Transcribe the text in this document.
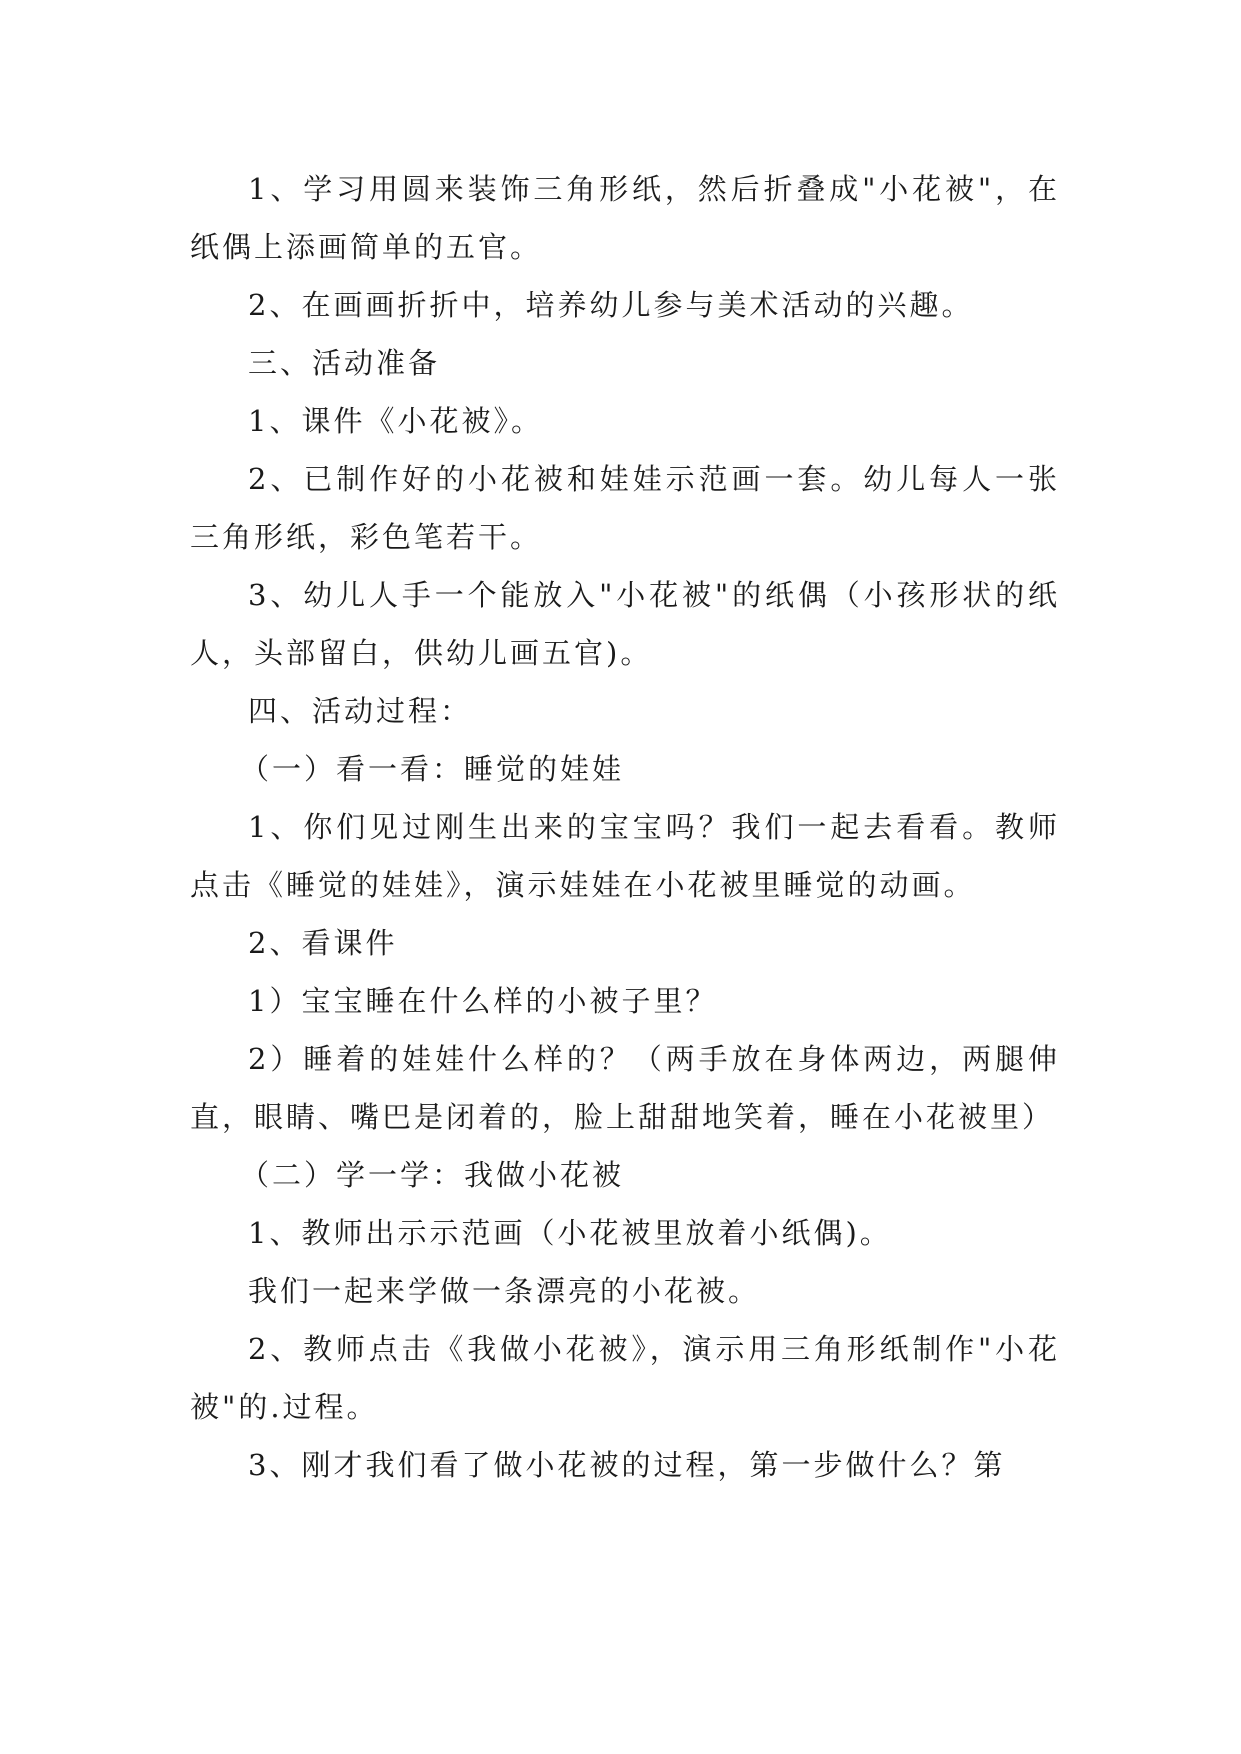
1、学习用圆来装饰三角形纸，然后折叠成"小花被"，在纸偶上添画简单的五官。

2、在画画折折中，培养幼儿参与美术活动的兴趣。

三、活动准备

1、课件《小花被》。

2、已制作好的小花被和娃娃示范画一套。幼儿每人一张三角形纸，彩色笔若干。

3、幼儿人手一个能放入"小花被"的纸偶（小孩形状的纸人，头部留白，供幼儿画五官)。

四、活动过程：

（一）看一看：睡觉的娃娃

1、你们见过刚生出来的宝宝吗？我们一起去看看。教师点击《睡觉的娃娃》，演示娃娃在小花被里睡觉的动画。

2、看课件

1）宝宝睡在什么样的小被子里？

2）睡着的娃娃什么样的？（两手放在身体两边，两腿伸直，眼睛、嘴巴是闭着的，脸上甜甜地笑着，睡在小花被里）

（二）学一学：我做小花被

1、教师出示示范画（小花被里放着小纸偶)。

我们一起来学做一条漂亮的小花被。

2、教师点击《我做小花被》，演示用三角形纸制作"小花被"的.过程。

3、刚才我们看了做小花被的过程，第一步做什么？第
